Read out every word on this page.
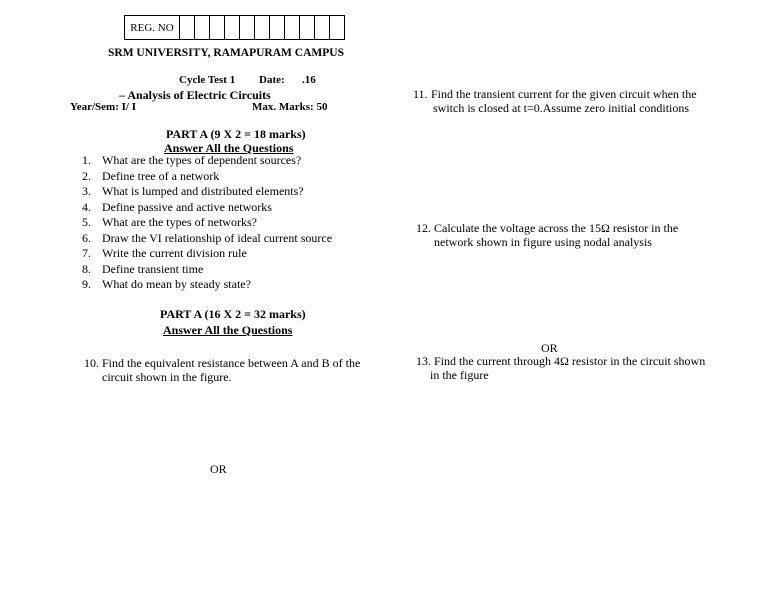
REG. NO											
SRM UNIVERSITY, RAMAPURAM CAMPUS
Cycle Test 1 Date: .16
– Analysis of Electric Circuits
Year/Sem: I/ I	Max. Marks: 50
PART A (9 X 2 = 18 marks)
Answer All the Questions
1. What are the types of dependent sources?
2. Define tree of a network
3. What is lumped and distributed elements?
4. Define passive and active networks
5. What are the types of networks?
6. Draw the VI relationship of ideal current source
7. Write the current division rule
8. Define transient time
9. What do mean by steady state?
PART A (16 X 2 = 32 marks)
Answer All the Questions
10. Find the equivalent resistance between A and B of the
circuit shown in the figure.
OR
11. Find the transient current for the given circuit when the
switch is closed at t=0.Assume zero initial conditions
12. Calculate the voltage across the 15Ω resistor in the
network shown in figure using nodal analysis
OR
13. Find the current through 4Ω resistor in the circuit shown
in the figure
